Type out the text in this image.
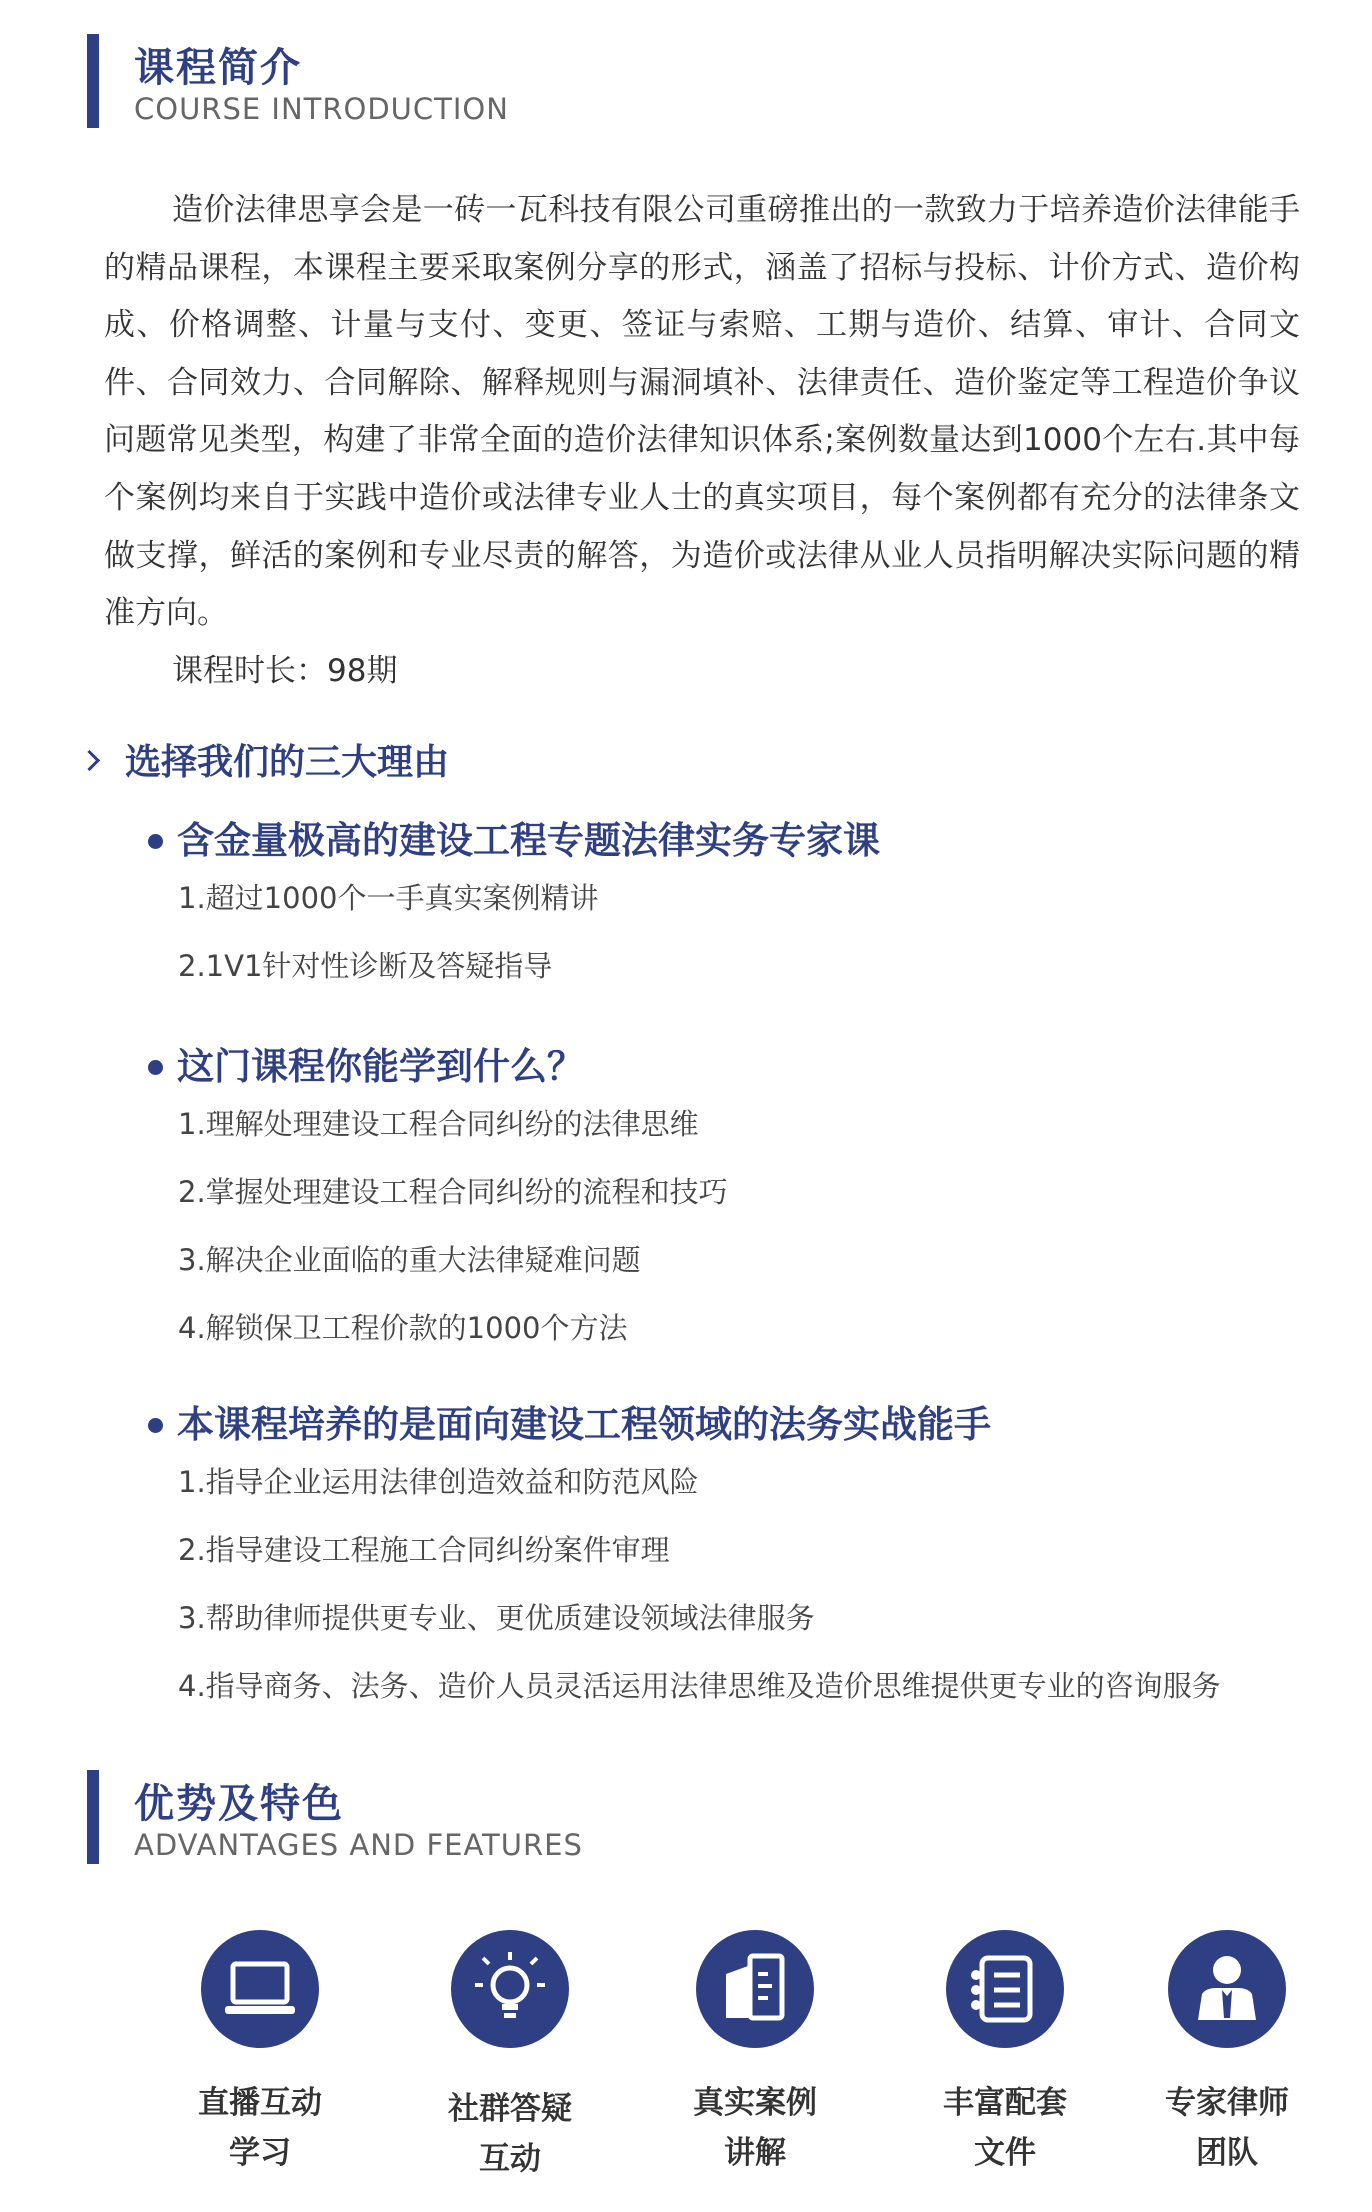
课程简介
COURSE INTRODUCTION

造价法律思享会是一砖一瓦科技有限公司重磅推出的一款致力于培养造价法律能手的精品课程，本课程主要采取案例分享的形式，涵盖了招标与投标、计价方式、造价构成、价格调整、计量与支付、变更、签证与索赔、工期与造价、结算、审计、合同文件、合同效力、合同解除、解释规则与漏洞填补、法律责任、造价鉴定等工程造价争议问题常见类型，构建了非常全面的造价法律知识体系;案例数量达到1000个左右.其中每个案例均来自于实践中造价或法律专业人士的真实项目，每个案例都有充分的法律条文做支撑，鲜活的案例和专业尽责的解答，为造价或法律从业人员指明解决实际问题的精准方向。

课程时长：98期

选择我们的三大理由
含金量极高的建设工程专题法律实务专家课
1.超过1000个一手真实案例精讲
2.1V1针对性诊断及答疑指导
这门课程你能学到什么？
1.理解处理建设工程合同纠纷的法律思维
2.掌握处理建设工程合同纠纷的流程和技巧
3.解决企业面临的重大法律疑难问题
4.解锁保卫工程价款的1000个方法
本课程培养的是面向建设工程领域的法务实战能手
1.指导企业运用法律创造效益和防范风险
2.指导建设工程施工合同纠纷案件审理
3.帮助律师提供更专业、更优质建设领域法律服务
4.指导商务、法务、造价人员灵活运用法律思维及造价思维提供更专业的咨询服务
优势及特色
ADVANTAGES AND FEATURES
直播互动
学习
社群答疑
互动
真实案例
讲解
丰富配套
文件
专家律师
团队
